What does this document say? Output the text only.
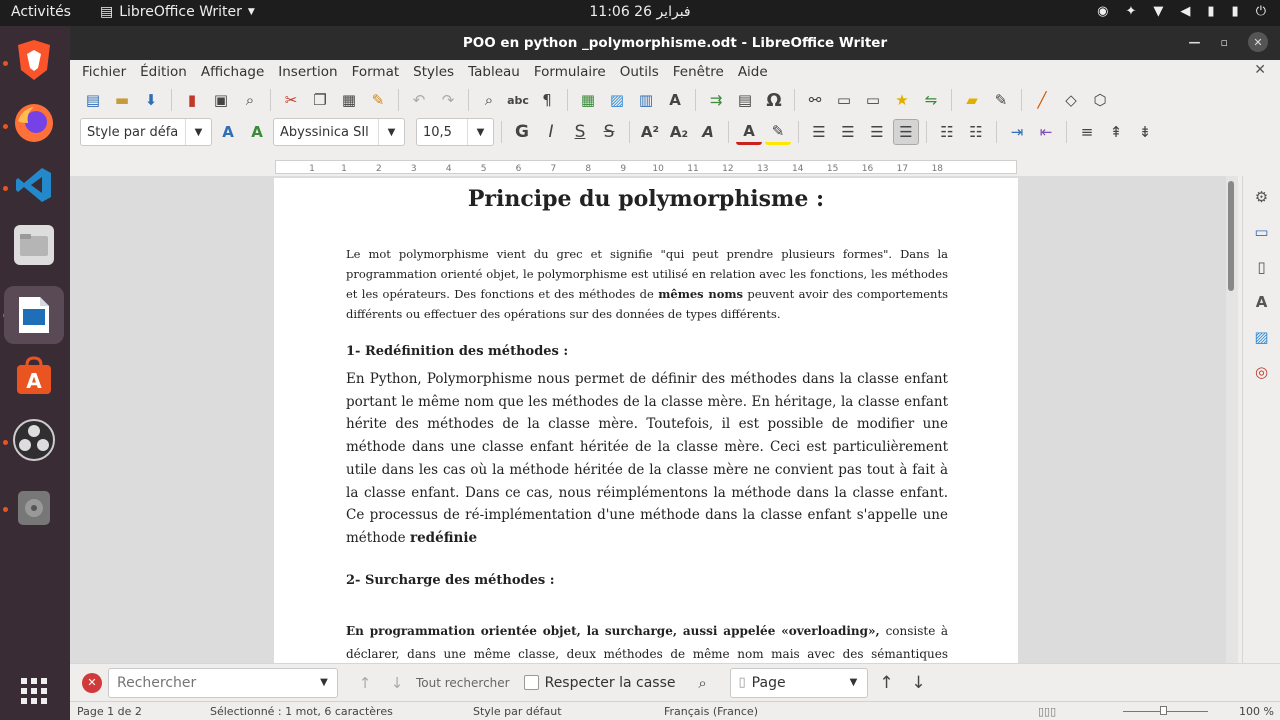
Activités ▤ LibreOffice Writer ▼	11:06 26 فبراير	◉ ✦ ▼ ◀ ▮ ▮ ⏻
A
POO en python _polymorphisme.odt - LibreOffice Writer	— ▫	✕
Fichier	Édition	Affichage	Insertion	Format	Styles	Tableau	Formulaire	Outils	Fenêtre	Aide	✕
▤ ▬	⬇	▮	▣	⌕	✂	❐	▦	✎	↶	↷	⌕	abc ¶	▦ ▨ ▥	A	⇉	▤ Ω	⚯	▭ ▭	★	⇋	▰	✎	╱	◇	⬡
Style par défa	▼	A	A	Abyssinica SIl	▼	10,5	▼	G	I	S	S	A² A₂ A	A	✎	☰	☰	☰	☰	☷	☷	⇥	⇤	≡	⇞	⇟
1	1	2	3	4	5	6	7	8	9	10	11	12	13	14	15	16	17	18
Principe du polymorphisme :
Le mot polymorphisme vient du grec et signifie "qui peut prendre plusieurs formes". Dans la programmation orienté objet, le polymorphisme est utilisé en relation avec les fonctions, les méthodes et les opérateurs. Des fonctions et des méthodes de mêmes noms peuvent avoir des comportements différents ou effectuer des opérations sur des données de types différents.
1- Redéfinition des méthodes :
En Python, Polymorphisme nous permet de définir des méthodes dans la classe enfant portant le même nom que les méthodes de la classe mère. En héritage, la classe enfant hérite des méthodes de la classe mère. Toutefois, il est possible de modifier une méthode dans une classe enfant héritée de la classe mère. Ceci est particulièrement utile dans les cas où la méthode héritée de la classe mère ne convient pas tout à fait à la classe enfant. Dans ce cas, nous réimplémentons la méthode dans la classe enfant. Ce processus de ré-implémentation d'une méthode dans la classe enfant s'appelle une méthode redéfinie
2- Surcharge des méthodes :
En programmation orientée objet, la surcharge, aussi appelée «overloading», consiste à déclarer, dans une même classe, deux méthodes de même nom mais avec des sémantiques
⚙
▭
▯
A
▨
◎
✕
Rechercher	▼	↑	↓	Tout rechercher	Respecter la casse	⌕	▯ Page	▼	↑	↓
Page 1 de 2	Sélectionné : 1 mot, 6 caractères	Style par défaut	Français (France)	▯▯▯	100 %
